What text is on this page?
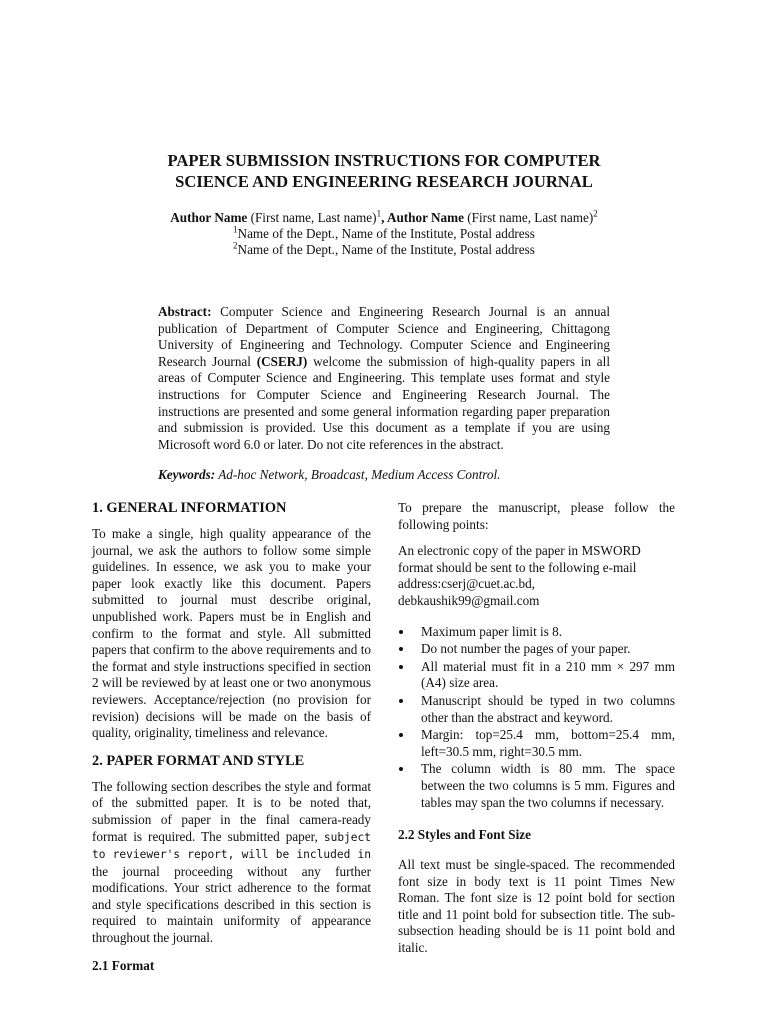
PAPER SUBMISSION INSTRUCTIONS FOR COMPUTER
SCIENCE AND ENGINEERING RESEARCH JOURNAL
Author Name (First name, Last name)$^1$, Author Name (First name, Last name)$^2$
$^1$Name of the Dept., Name of the Institute, Postal address
$^2$Name of the Dept., Name of the Institute, Postal address

Abstract: Computer Science and Engineering Research Journal is an annual publication of Department of Computer Science and Engineering, Chittagong University of Engineering and Technology. Computer Science and Engineering Research Journal (CSERJ) welcome the submission of high-quality papers in all areas of Computer Science and Engineering. This template uses format and style instructions for Computer Science and Engineering Research Journal. The instructions are presented and some general information regarding paper preparation and submission is provided. Use this document as a template if you are using Microsoft word 6.0 or later. Do not cite references in the abstract.

Keywords: Ad-hoc Network, Broadcast, Medium Access Control.

1. GENERAL INFORMATION

To make a single, high quality appearance of the journal, we ask the authors to follow some simple guidelines. In essence, we ask you to make your paper look exactly like this document. Papers submitted to journal must describe original, unpublished work. Papers must be in English and confirm to the format and style. All submitted papers that confirm to the above requirements and to the format and style instructions specified in section 2 will be reviewed by at least one or two anonymous reviewers. Acceptance/rejection (no provision for revision) decisions will be made on the basis of quality, originality, timeliness and relevance.

2. PAPER FORMAT AND STYLE

The following section describes the style and format of the submitted paper. It is to be noted that, submission of paper in the final camera-ready format is required. The submitted paper, subject to reviewer's report, will be included in the journal proceeding without any further modifications. Your strict adherence to the format and style specifications described in this section is required to maintain uniformity of appearance throughout the journal.

2.1 Format

To prepare the manuscript, please follow the following points:

An electronic copy of the paper in MSWORD format should be sent to the following e-mail address:cserj@cuet.ac.bd, debkaushik99@gmail.com

Maximum paper limit is 8.
Do not number the pages of your paper.
All material must fit in a 210 mm × 297 mm (A4) size area.
Manuscript should be typed in two columns other than the abstract and keyword.
Margin: top=25.4 mm, bottom=25.4 mm, left=30.5 mm, right=30.5 mm.
The column width is 80 mm. The space between the two columns is 5 mm. Figures and tables may span the two columns if necessary.
2.2 Styles and Font Size

All text must be single-spaced. The recommended font size in body text is 11 point Times New Roman. The font size is 12 point bold for section title and 11 point bold for subsection title. The sub-subsection heading should be is 11 point bold and italic.
